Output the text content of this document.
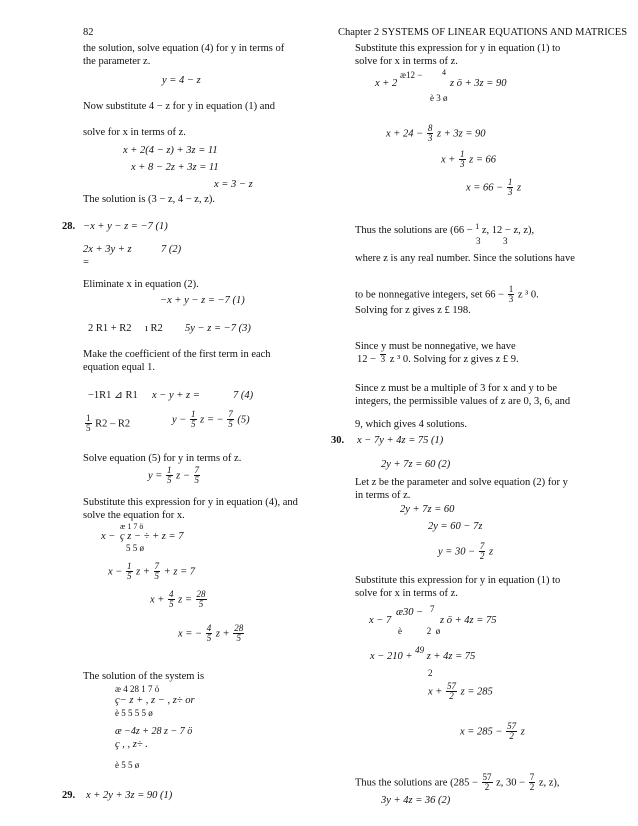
82	Chapter 2 SYSTEMS OF LINEAR EQUATIONS AND MATRICES
the solution, solve equation (4) for y in terms of the parameter z.
y = 4 − z
Now substitute 4 − z for y in equation (1) and
solve for x in terms of z.
x + 2(4 − z) + 3z = 11
x + 8 − 2z + 3z = 11
x = 3 − z
The solution is (3 − z, 4 − z, z).
28. −x + y − z = −7 (1)
2x + 3y + z	7 (2)
=
Eliminate x in equation (2).
−x + y − z = −7 (1)
2 R1 + R2 ı R2 5y − z = −7 (3)
Make the coefficient of the first term in each equation equal 1.
−1R1 ⊿ R1 x − y + z =	7 (4)
$\frac{1}{5} R2 - R2$	$y - \frac{1}{5}$ z = − $\frac{7}{5} (5)$
Solve equation (5) for y in terms of z.
$y = \frac{1}{5}$ $z - \frac{7}{5}$
Substitute this expression for y in equation (4), and solve the equation for x.
x −
æ 1 7 ö
ç z − ÷ + z = 7
5 5 ø
$x - \frac{1}{5}$ $z + \frac{7}{5} + z = 7$
$x + \frac{4}{5}$ $z = \frac{28}{5}$
x = − $\frac{4}{5}$ $z + \frac{28}{5}$
The solution of the system is
æ 4 28 1 7 ö
ç− z + , z − , z÷ or
è 5 5 5 5 ø
æ −4z + 28 z − 7 ö
ç , , z÷ .
è 5 5 ø
29. x + 2y + 3z = 90 (1)
Substitute this expression for y in equation (1) to solve for x in terms of z.
x + 2
æ12 − 4
z ö + 3z = 90
è 3 ø
$x + 24 - \frac{8}{3}$ z + 3z = 90
$x + \frac{1}{3}$ z = 66
$x = 66 - \frac{1}{3}$ z
Thus the solutions are (66 − $^1$ z, 12 − z, z),
3          3
where z is any real number. Since the solutions have
to be nonnegative integers, set $66 - \frac{1}{3}$ z ³ 0.
Solving for z gives z £ 198.
Since y must be nonnegative, we have
12 − 3 z ³ 0. Solving for z gives z £ 9.
Since z must be a multiple of 3 for x and y to be integers, the permissible values of z are 0, 3, 6, and
9, which gives 4 solutions.
30. x − 7y + 4z = 75 (1)
2y + 7z = 60 (2)
Let z be the parameter and solve equation (2) for y in terms of z.
2y + 7z = 60
2y = 60 − 7z
$y = 30 - \frac{7}{2}$ z
Substitute this expression for y in equation (1) to solve for x in terms of z.
x − 7
æ30 − 7
z ö + 4z = 75
è           2  ø
x − 210 + 49 z + 4z = 75
2
$x + \frac{57}{2}$ z = 285
$x = 285 - \frac{57}{2}$ z
Thus the solutions are ($285 - \frac{57}{2} z$, $30 - \frac{7}{2} z$, z),
3y + 4z = 36 (2)
